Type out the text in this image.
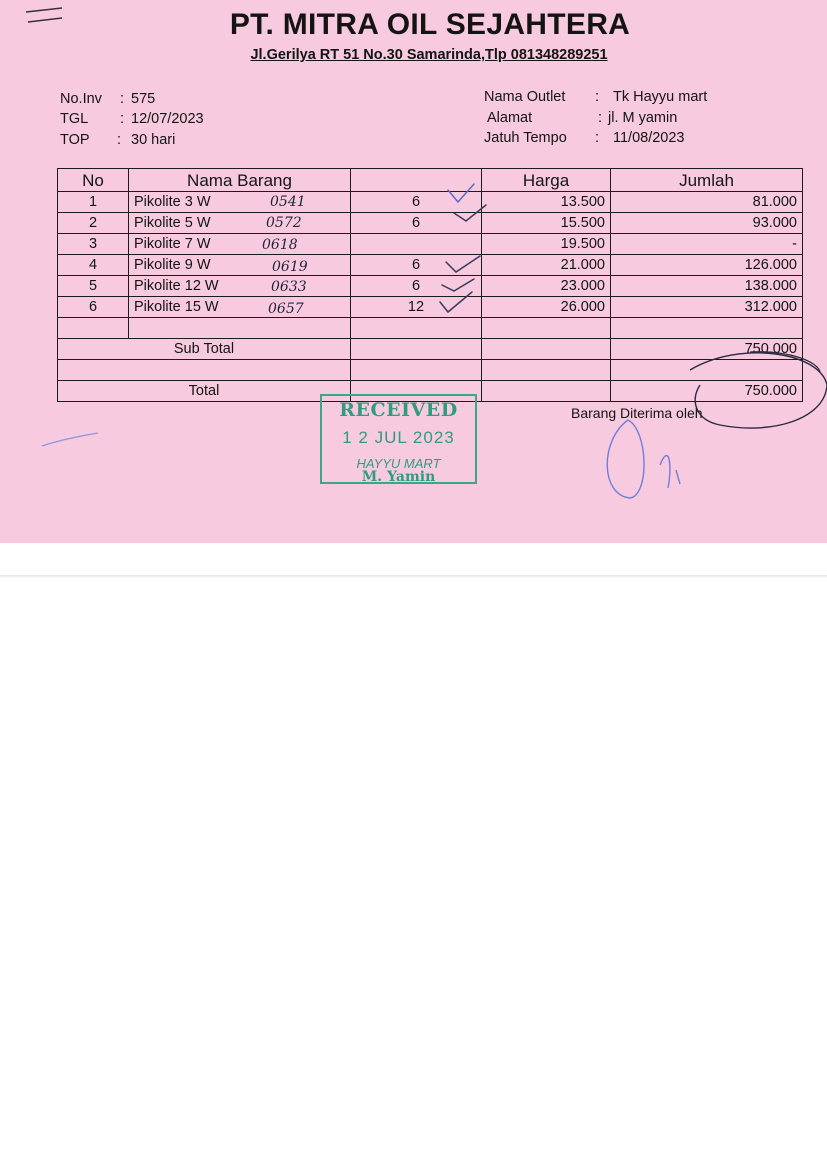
PT. MITRA OIL SEJAHTERA
Jl.Gerilya RT 51 No.30 Samarinda,Tlp 081348289251
No.Inv : 575
TGL : 12/07/2023
TOP : 30 hari
Nama Outlet : Tk Hayyu mart
Alamat	: jl. M yamin
Jatuh Tempo : 11/08/2023
No	Nama Barang		Harga	Jumlah
1	Pikolite 3 W	6	13.500	81.000
2	Pikolite 5 W	6	15.500	93.000
3	Pikolite 7 W		19.500	-
4	Pikolite 9 W	6	21.000	126.000
5	Pikolite 12 W	6	23.000	138.000
6	Pikolite 15 W	12	26.000	312.000

Sub Total				750.000

Total				750.000
0541
0572
0618
0619
0633
0657
Barang Diterima oleh
RECEIVED
1 2 JUL 2023
HAYYU MART
M. Yamin
